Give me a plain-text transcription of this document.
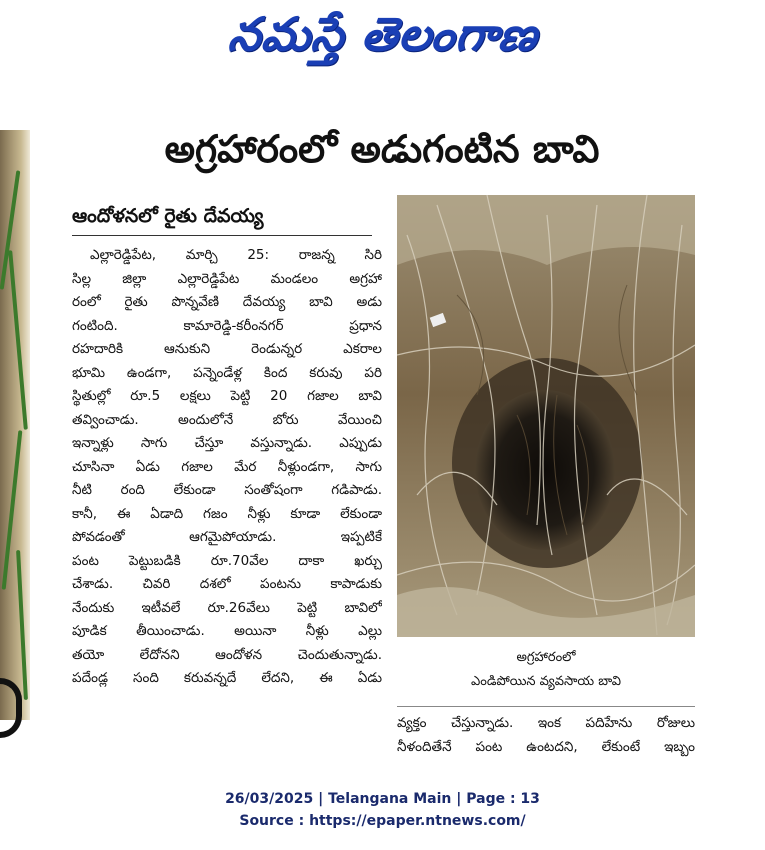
నమస్తే తెలంగాణ
అగ్రహారంలో అడుగంటిన బావి
ఆందోళనలో రైతు దేవయ్య
ఎల్లారెడ్డిపేట, మార్చి 25: రాజన్న సిరి
సిల్ల జిల్లా ఎల్లారెడ్డిపేట మండలం అగ్రహా
రంలో రైతు పొన్నవేణి దేవయ్య బావి అడు
గంటింది. కామారెడ్డి-కరీంనగర్ ప్రధాన
రహదారికి ఆనుకుని రెండున్నర ఎకరాల
భూమి ఉండగా, పన్నెండేళ్ల కింద కరువు పరి
స్థితుల్లో రూ.5 లక్షలు పెట్టి 20 గజాల బావి
తవ్వించాడు. అందులోనే బోరు వేయించి
ఇన్నాళ్లు సాగు చేస్తూ వస్తున్నాడు. ఎప్పుడు
చూసినా ఏడు గజాల మేర నీళ్లుండగా, సాగు
నీటి రంది లేకుండా సంతోషంగా గడిపాడు.
కానీ, ఈ ఏడాది గజం నీళ్లు కూడా లేకుండా
పోవడంతో ఆగమైపోయాడు. ఇప్పటికే
పంట పెట్టుబడికి రూ.70వేల దాకా ఖర్చు
చేశాడు. చివరి దశలో పంటను కాపాడుకు
నేందుకు ఇటీవలే రూ.26వేలు పెట్టి బావిలో
పూడిక తీయించాడు. అయినా నీళ్లు ఎల్లు
తయో లేదోనని ఆందోళన చెందుతున్నాడు.
పదేండ్ల సంది కరువన్నదే లేదని, ఈ ఏడు
అగ్రహారంలో
ఎండిపోయిన వ్యవసాయ బావి
వ్యక్తం చేస్తున్నాడు. ఇంక పదిహేను రోజులు
నీళందితేనే పంట ఉంటదని, లేకుంటే ఇబ్బం
26/03/2025 | Telangana Main | Page : 13
Source : https://epaper.ntnews.com/
